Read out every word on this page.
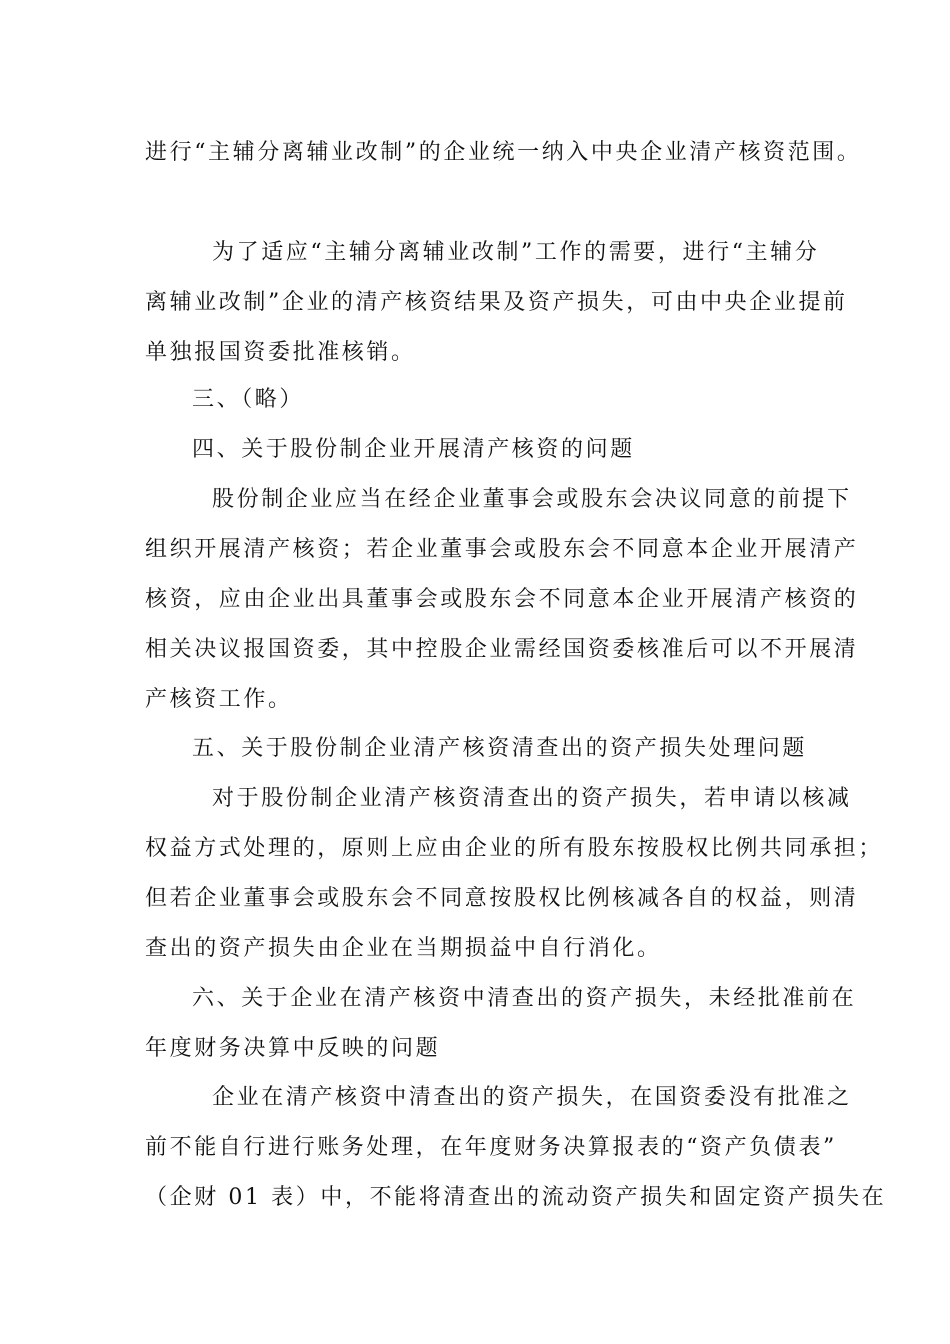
进行“主辅分离辅业改制”的企业统一纳入中央企业清产核资范围。
为了适应“主辅分离辅业改制”工作的需要，进行“主辅分
离辅业改制”企业的清产核资结果及资产损失，可由中央企业提前
单独报国资委批准核销。
三、（略）
四、关于股份制企业开展清产核资的问题
股份制企业应当在经企业董事会或股东会决议同意的前提下
组织开展清产核资；若企业董事会或股东会不同意本企业开展清产
核资，应由企业出具董事会或股东会不同意本企业开展清产核资的
相关决议报国资委，其中控股企业需经国资委核准后可以不开展清
产核资工作。
五、关于股份制企业清产核资清查出的资产损失处理问题
对于股份制企业清产核资清查出的资产损失，若申请以核减
权益方式处理的，原则上应由企业的所有股东按股权比例共同承担；
但若企业董事会或股东会不同意按股权比例核减各自的权益，则清
查出的资产损失由企业在当期损益中自行消化。
六、关于企业在清产核资中清查出的资产损失，未经批准前在
年度财务决算中反映的问题
企业在清产核资中清查出的资产损失，在国资委没有批准之
前不能自行进行账务处理，在年度财务决算报表的“资产负债表”
（企财 01 表）中，不能将清查出的流动资产损失和固定资产损失在
